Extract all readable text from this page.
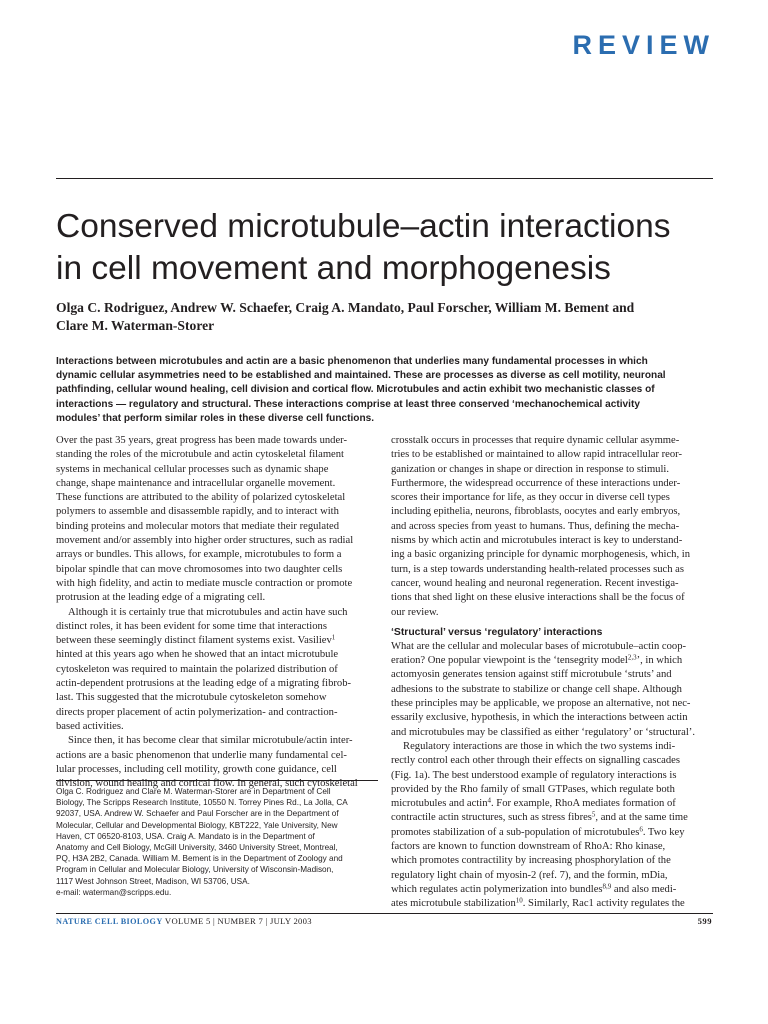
REVIEW
Conserved microtubule–actin interactions
in cell movement and morphogenesis

Olga C. Rodriguez, Andrew W. Schaefer, Craig A. Mandato, Paul Forscher, William M. Bement and
Clare M. Waterman-Storer

Interactions between microtubules and actin are a basic phenomenon that underlies many fundamental processes in which
dynamic cellular asymmetries need to be established and maintained. These are processes as diverse as cell motility, neuronal
pathfinding, cellular wound healing, cell division and cortical flow. Microtubules and actin exhibit two mechanistic classes of
interactions — regulatory and structural. These interactions comprise at least three conserved ‘mechanochemical activity
modules’ that perform similar roles in these diverse cell functions.

Over the past 35 years, great progress has been made towards under-
standing the roles of the microtubule and actin cytoskeletal filament
systems in mechanical cellular processes such as dynamic shape
change, shape maintenance and intracellular organelle movement.
These functions are attributed to the ability of polarized cytoskeletal
polymers to assemble and disassemble rapidly, and to interact with
binding proteins and molecular motors that mediate their regulated
movement and/or assembly into higher order structures, such as radial
arrays or bundles. This allows, for example, microtubules to form a
bipolar spindle that can move chromosomes into two daughter cells
with high fidelity, and actin to mediate muscle contraction or promote
protrusion at the leading edge of a migrating cell.

Although it is certainly true that microtubules and actin have such
distinct roles, it has been evident for some time that interactions
between these seemingly distinct filament systems exist. Vasiliev$^1$
hinted at this years ago when he showed that an intact microtubule
cytoskeleton was required to maintain the polarized distribution of
actin-dependent protrusions at the leading edge of a migrating fibrob-
last. This suggested that the microtubule cytoskeleton somehow
directs proper placement of actin polymerization- and contraction-
based activities.

Since then, it has become clear that similar microtubule/actin inter-
actions are a basic phenomenon that underlie many fundamental cel-
lular processes, including cell motility, growth cone guidance, cell
division, wound healing and cortical flow. In general, such cytoskeletal

Olga C. Rodriguez and Clare M. Waterman-Storer are in Department of Cell
Biology, The Scripps Research Institute, 10550 N. Torrey Pines Rd., La Jolla, CA
92037, USA. Andrew W. Schaefer and Paul Forscher are in the Department of
Molecular, Cellular and Developmental Biology, KBT222, Yale University, New
Haven, CT 06520-8103, USA. Craig A. Mandato is in the Department of
Anatomy and Cell Biology, McGill University, 3460 University Street, Montreal,
PQ, H3A 2B2, Canada. William M. Bement is in the Department of Zoology and
Program in Cellular and Molecular Biology, University of Wisconsin-Madison,
1117 West Johnson Street, Madison, WI 53706, USA.
e-mail: waterman@scripps.edu.

crosstalk occurs in processes that require dynamic cellular asymme-
tries to be established or maintained to allow rapid intracellular reor-
ganization or changes in shape or direction in response to stimuli.
Furthermore, the widespread occurrence of these interactions under-
scores their importance for life, as they occur in diverse cell types
including epithelia, neurons, fibroblasts, oocytes and early embryos,
and across species from yeast to humans. Thus, defining the mecha-
nisms by which actin and microtubules interact is key to understand-
ing a basic organizing principle for dynamic morphogenesis, which, in
turn, is a step towards understanding health-related processes such as
cancer, wound healing and neuronal regeneration. Recent investiga-
tions that shed light on these elusive interactions shall be the focus of
our review.

‘Structural’ versus ‘regulatory’ interactions

What are the cellular and molecular bases of microtubule–actin coop-
eration? One popular viewpoint is the ‘tensegrity model$^{2,3}$’, in which
actomyosin generates tension against stiff microtubule ‘struts’ and
adhesions to the substrate to stabilize or change cell shape. Although
these principles may be applicable, we propose an alternative, not nec-
essarily exclusive, hypothesis, in which the interactions between actin
and microtubules may be classified as either ‘regulatory’ or ‘structural’.

Regulatory interactions are those in which the two systems indi-
rectly control each other through their effects on signalling cascades
(Fig. 1a). The best understood example of regulatory interactions is
provided by the Rho family of small GTPases, which regulate both
microtubules and actin$^4$. For example, RhoA mediates formation of
contractile actin structures, such as stress fibres$^5$, and at the same time
promotes stabilization of a sub-population of microtubules$^6$. Two key
factors are known to function downstream of RhoA: Rho kinase,
which promotes contractility by increasing phosphorylation of the
regulatory light chain of myosin-2 (ref. 7), and the formin, mDia,
which regulates actin polymerization into bundles$^{8,9}$ and also medi-
ates microtubule stabilization$^{10}$. Similarly, Rac1 activity regulates the

NATURE CELL BIOLOGY VOLUME 5 | NUMBER 7 | JULY 2003	599
